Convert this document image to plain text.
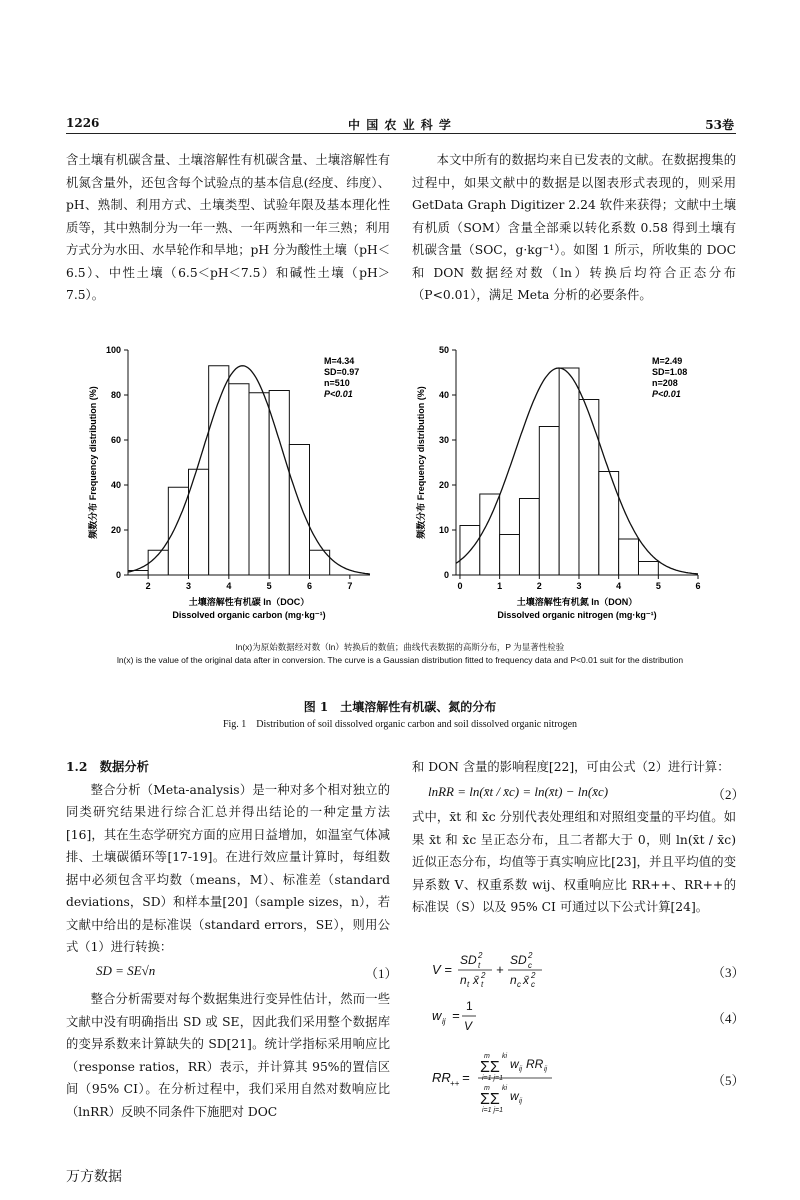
1226	中 国 农 业 科 学	53卷

含土壤有机碳含量、土壤溶解性有机碳含量、土壤溶解性有机氮含量外，还包含每个试验点的基本信息(经度、纬度）、pH、熟制、利用方式、土壤类型、试验年限及基本理化性质等，其中熟制分为一年一熟、一年两熟和一年三熟；利用方式分为水田、水旱轮作和旱地；pH 分为酸性土壤（pH＜6.5）、中性土壤（6.5＜pH＜7.5）和碱性土壤（pH＞7.5）。

本文中所有的数据均来自已发表的文献。在数据搜集的过程中，如果文献中的数据是以图表形式表现的，则采用 GetData Graph Digitizer 2.24 软件来获得；文献中土壤有机质（SOM）含量全部乘以转化系数 0.58 得到土壤有机碳含量（SOC，g·kg⁻¹）。如图 1 所示，所收集的 DOC 和 DON 数据经对数（ln）转换后均符合正态分布（P<0.01），满足 Meta 分析的必要条件。

0
20
40
60
80
100
2	3	4	5	6	7
M=4.34
SD=0.97
n=510
P<0.01
土壤溶解性有机碳 ln（DOC）
Dissolved organic carbon (mg·kg⁻¹)
频数分布 Frequency distribution (%)
0
10
20
30
40
50
0	1	2	3	4	5	6
M=2.49
SD=1.08
n=208
P<0.01
土壤溶解性有机氮 ln（DON）
Dissolved organic nitrogen (mg·kg⁻¹)
频数分布 Frequency distribution (%)
ln(x)为原始数据经对数（ln）转换后的数值；曲线代表数据的高斯分布，P 为显著性检验
ln(x) is the value of the original data after in conversion. The curve is a Gaussian distribution fitted to frequency data and P<0.01 suit for the distribution
图 1　土壤溶解性有机碳、氮的分布
Fig. 1　Distribution of soil dissolved organic carbon and soil dissolved organic nitrogen

1.2　数据分析

整合分析（Meta-analysis）是一种对多个相对独立的同类研究结果进行综合汇总并得出结论的一种定量方法[16]，其在生态学研究方面的应用日益增加，如温室气体减排、土壤碳循环等[17-19]。在进行效应量计算时，每组数据中必须包含平均数（means，M）、标准差（standard deviations，SD）和样本量[20]（sample sizes，n），若文献中给出的是标准误（standard errors，SE），则用公式（1）进行转换：

SD = SE√n	（1）

整合分析需要对每个数据集进行变异性估计，然而一些文献中没有明确指出 SD 或 SE，因此我们采用整个数据库的变异系数来计算缺失的 SD[21]。统计学指标采用响应比（response ratios，RR）表示，并计算其 95%的置信区间（95% CI）。在分析过程中，我们采用自然对数响应比（lnRR）反映不同条件下施肥对 DOC

和 DON 含量的影响程度[22]，可由公式（2）进行计算：

lnRR = ln(x̄t / x̄c) = ln(x̄t) − ln(x̄c)	（2）

式中，x̄t 和 x̄c 分别代表处理组和对照组变量的平均值。如果 x̄t 和 x̄c 呈正态分布，且二者都大于 0，则 ln(x̄t / x̄c) 近似正态分布，均值等于真实响应比[23]，并且平均值的变异系数 V、权重系数 wij、权重响应比 RR++、RR++的标准误（S）以及 95% CI 可通过以下公式计算[24]。

V =
SD 2
t
n t x̄ 2
t
+
SD 2
c
n c x̄ 2
c
w ij =
1
V
RR ++ =
m ki
ΣΣ
i=1 j=1
w ij RR ij
m ki
ΣΣ
i=1 j=1
w ij
（3）
（4）
（5）
万方数据
